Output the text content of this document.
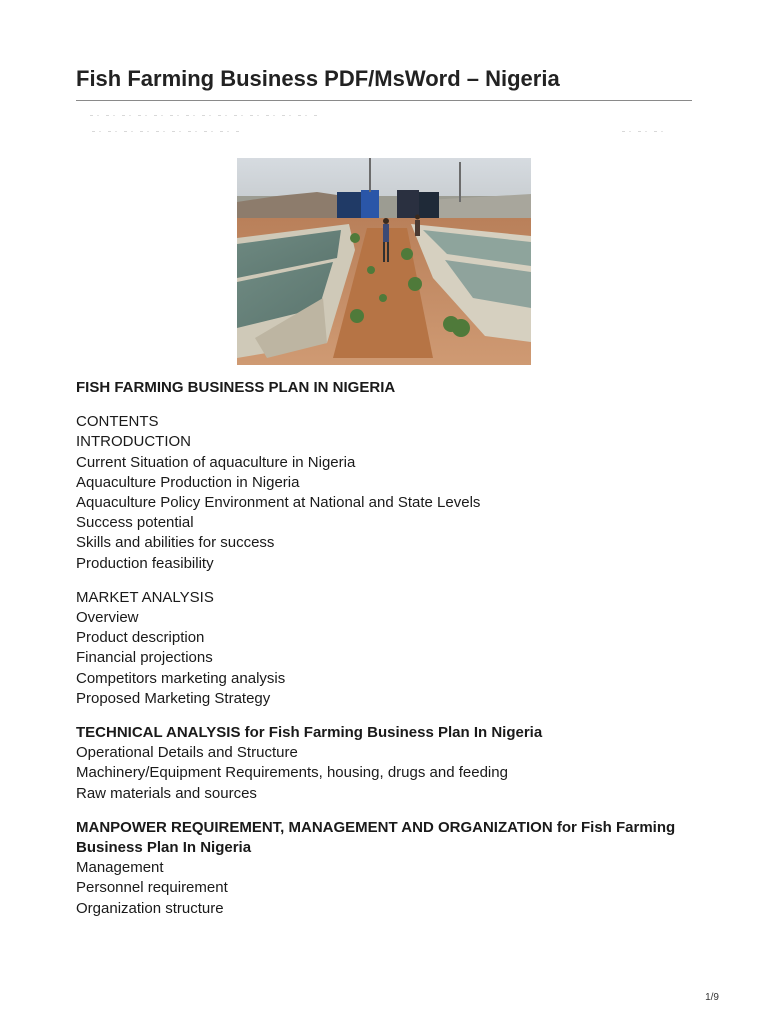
Fish Farming Business PDF/MsWord – Nigeria
FISH FARMING BUSINESS PLAN IN NIGERIA
CONTENTS
INTRODUCTION
Current Situation of aquaculture in Nigeria
Aquaculture Production in Nigeria
Aquaculture Policy Environment at National and State Levels
Success potential
Skills and abilities for success
Production feasibility
MARKET ANALYSIS
Overview
Product description
Financial projections
Competitors marketing analysis
Proposed Marketing Strategy
TECHNICAL ANALYSIS for Fish Farming Business Plan In Nigeria
Operational Details and Structure
Machinery/Equipment Requirements, housing, drugs and feeding
Raw materials and sources
MANPOWER REQUIREMENT, MANAGEMENT AND ORGANIZATION for Fish Farming Business Plan In Nigeria
Management
Personnel requirement
Organization structure
1/9
